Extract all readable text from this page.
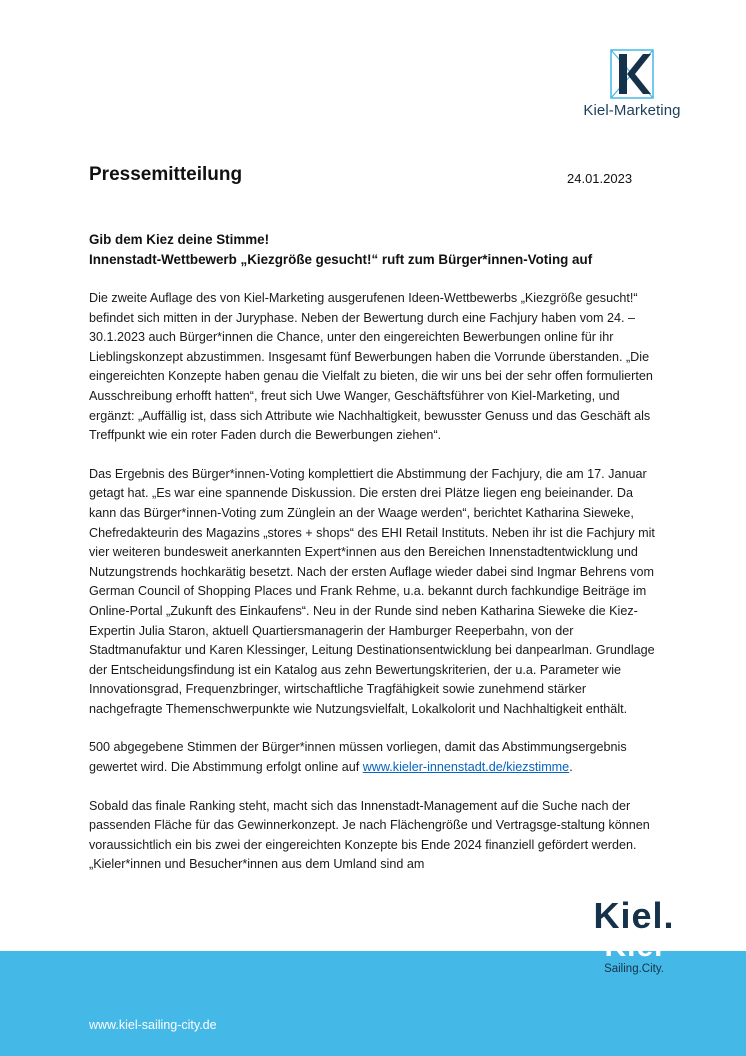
Kiel-Marketing
Pressemitteilung	24.01.2023
Gib dem Kiez deine Stimme!
Innenstadt-Wettbewerb „Kiezgröße gesucht!“ ruft zum Bürger*innen-Voting auf

Die zweite Auflage des von Kiel-Marketing ausgerufenen Ideen-Wettbewerbs „Kiezgröße gesucht!“ befindet sich mitten in der Juryphase. Neben der Bewertung durch eine Fachjury haben vom 24. – 30.1.2023 auch Bürger*innen die Chance, unter den eingereichten Bewerbungen online für ihr Lieblingskonzept abzustimmen. Insgesamt fünf Bewerbungen haben die Vorrunde überstanden. „Die eingereichten Konzepte haben genau die Vielfalt zu bieten, die wir uns bei der sehr offen formulierten Ausschreibung erhofft hatten“, freut sich Uwe Wanger, Geschäftsführer von Kiel-Marketing, und ergänzt: „Auffällig ist, dass sich Attribute wie Nachhaltigkeit, bewusster Genuss und das Geschäft als Treffpunkt wie ein roter Faden durch die Bewerbungen ziehen“.

Das Ergebnis des Bürger*innen-Voting komplettiert die Abstimmung der Fachjury, die am 17. Januar getagt hat. „Es war eine spannende Diskussion. Die ersten drei Plätze liegen eng beieinander. Da kann das Bürger*innen-Voting zum Zünglein an der Waage werden“, berichtet Katharina Sieweke, Chefredakteurin des Magazins „stores + shops“ des EHI Retail Instituts. Neben ihr ist die Fachjury mit vier weiteren bundesweit anerkannten Expert*innen aus den Bereichen Innenstadtentwicklung und Nutzungstrends hochkarätig besetzt. Nach der ersten Auflage wieder dabei sind Ingmar Behrens vom German Council of Shopping Places und Frank Rehme, u.a. bekannt durch fachkundige Beiträge im Online-Portal „Zukunft des Einkaufens“. Neu in der Runde sind neben Katharina Sieweke die Kiez-Expertin Julia Staron, aktuell Quartiersmanagerin der Hamburger Reeperbahn, von der Stadtmanufaktur und Karen Klessinger, Leitung Destinationsentwicklung bei danpearlman. Grundlage der Entscheidungsfindung ist ein Katalog aus zehn Bewertungskriterien, der u.a. Parameter wie Innovationsgrad, Frequenzbringer, wirtschaftliche Tragfähigkeit sowie zunehmend stärker nachgefragte Themenschwerpunkte wie Nutzungsvielfalt, Lokalkolorit und Nachhaltigkeit enthält.

500 abgegebene Stimmen der Bürger*innen müssen vorliegen, damit das Abstimmungsergebnis gewertet wird. Die Abstimmung erfolgt online auf www.kieler-innenstadt.de/kiezstimme.

Sobald das finale Ranking steht, macht sich das Innenstadt-Management auf die Suche nach der passenden Fläche für das Gewinnerkonzept. Je nach Flächengröße und Vertragsge-staltung können voraussichtlich ein bis zwei der eingereichten Konzepte bis Ende 2024 finanziell gefördert werden. „Kieler*innen und Besucher*innen aus dem Umland sind am

www.kiel-sailing-city.de
Kiel.
Kiel
Sailing.City.
